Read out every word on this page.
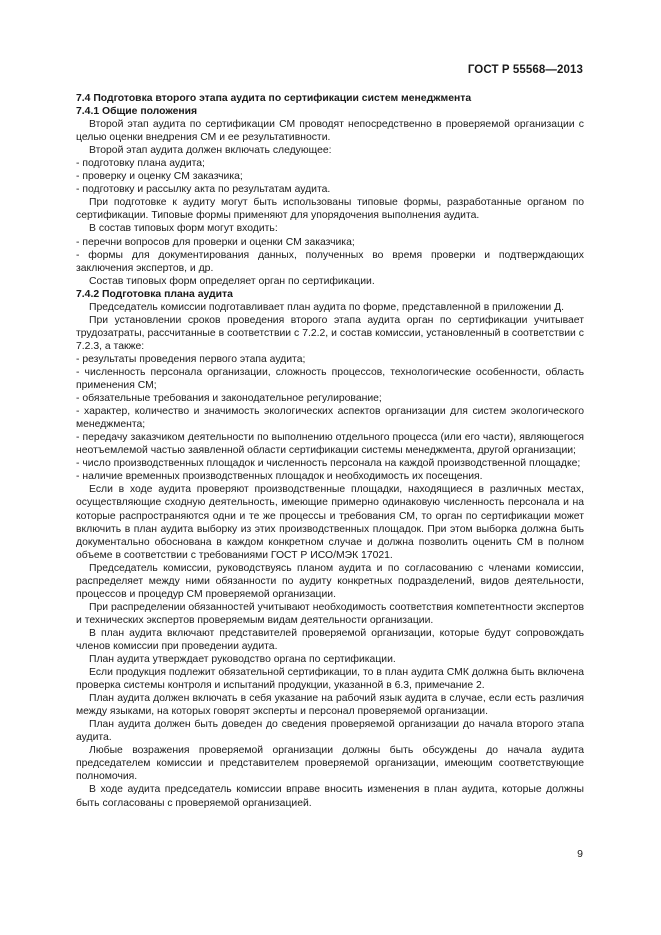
ГОСТ Р 55568—2013

7.4 Подготовка второго этапа аудита по сертификации систем менеджмента

7.4.1 Общие положения

Второй этап аудита по сертификации СМ проводят непосредственно в проверяемой организации с целью оценки внедрения СМ и ее результативности.

Второй этап аудита должен включать следующее:

- подготовку плана аудита;

- проверку и оценку СМ заказчика;

- подготовку и рассылку акта по результатам аудита.

При подготовке к аудиту могут быть использованы типовые формы, разработанные органом по сертификации. Типовые формы применяют для упорядочения выполнения аудита.

В состав типовых форм могут входить:

- перечни вопросов для проверки и оценки СМ заказчика;

- формы для документирования данных, полученных во время проверки и подтверждающих заключения экспертов, и др.

Состав типовых форм определяет орган по сертификации.

7.4.2 Подготовка плана аудита

Председатель комиссии подготавливает план аудита по форме, представленной в приложении Д.

При установлении сроков проведения второго этапа аудита орган по сертификации учитывает трудозатраты, рассчитанные в соответствии с 7.2.2, и состав комиссии, установленный в соответствии с 7.2.3, а также:

- результаты проведения первого этапа аудита;

- численность персонала организации, сложность процессов, технологические особенности, область применения СМ;

- обязательные требования и законодательное регулирование;

- характер, количество и значимость экологических аспектов организации для систем экологического менеджмента;

- передачу заказчиком деятельности по выполнению отдельного процесса (или его части), являющегося неотъемлемой частью заявленной области сертификации системы менеджмента, другой организации;

- число производственных площадок и численность персонала на каждой производственной площадке;

- наличие временных производственных площадок и необходимость их посещения.

Если в ходе аудита проверяют производственные площадки, находящиеся в различных местах, осуществляющие сходную деятельность, имеющие примерно одинаковую численность персонала и на которые распространяются одни и те же процессы и требования СМ, то орган по сертификации может включить в план аудита выборку из этих производственных площадок. При этом выборка должна быть документально обоснована в каждом конкретном случае и должна позволить оценить СМ в полном объеме в соответствии с требованиями ГОСТ Р ИСО/МЭК 17021.

Председатель комиссии, руководствуясь планом аудита и по согласованию с членами комиссии, распределяет между ними обязанности по аудиту конкретных подразделений, видов деятельности, процессов и процедур СМ проверяемой организации.

При распределении обязанностей учитывают необходимость соответствия компетентности экспертов и технических экспертов проверяемым видам деятельности организации.

В план аудита включают представителей проверяемой организации, которые будут сопровождать членов комиссии при проведении аудита.

План аудита утверждает руководство органа по сертификации.

Если продукция подлежит обязательной сертификации, то в план аудита СМК должна быть включена проверка системы контроля и испытаний продукции, указанной в 6.3, примечание 2.

План аудита должен включать в себя указание на рабочий язык аудита в случае, если есть различия между языками, на которых говорят эксперты и персонал проверяемой организации.

План аудита должен быть доведен до сведения проверяемой организации до начала второго этапа аудита.

Любые возражения проверяемой организации должны быть обсуждены до начала аудита председателем комиссии и представителем проверяемой организации, имеющим соответствующие полномочия.

В ходе аудита председатель комиссии вправе вносить изменения в план аудита, которые должны быть согласованы с проверяемой организацией.

9
